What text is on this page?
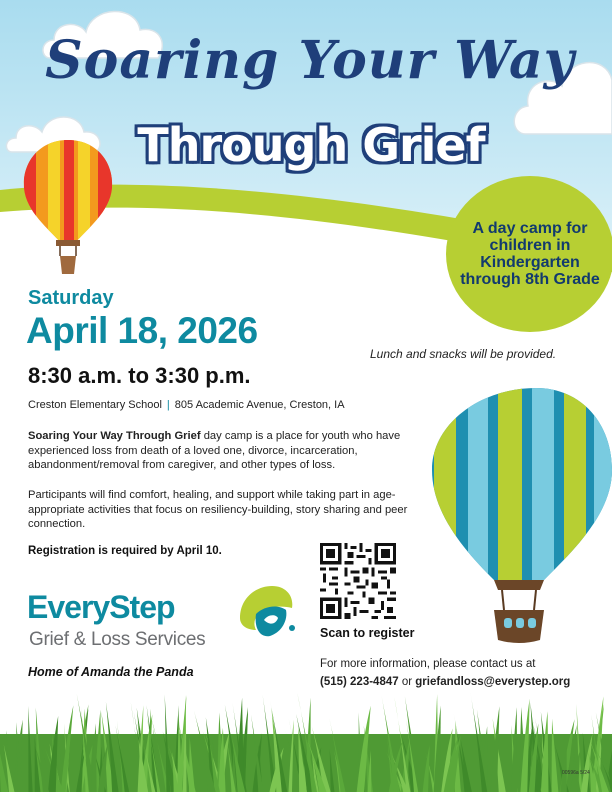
Soaring Your Way
Through Grief
A day camp for children in Kindergarten through 8th Grade
Saturday
April 18, 2026
8:30 a.m. to 3:30 p.m.
Lunch and snacks will be provided.
Creston Elementary School | 805 Academic Avenue, Creston, IA
Soaring Your Way Through Grief day camp is a place for youth who have experienced loss from death of a loved one, divorce, incarceration, abandonment/removal from caregiver, and other types of loss.
Participants will find comfort, healing, and support while taking part in age-appropriate activities that focus on resiliency-building, story sharing and peer connection.
Registration is required by April 10.
EveryStep
Grief & Loss Services
Home of Amanda the Panda
Scan to register
For more information, please contact us at
(515) 223-4847 or griefandloss@everystep.org
00596a 5/24
